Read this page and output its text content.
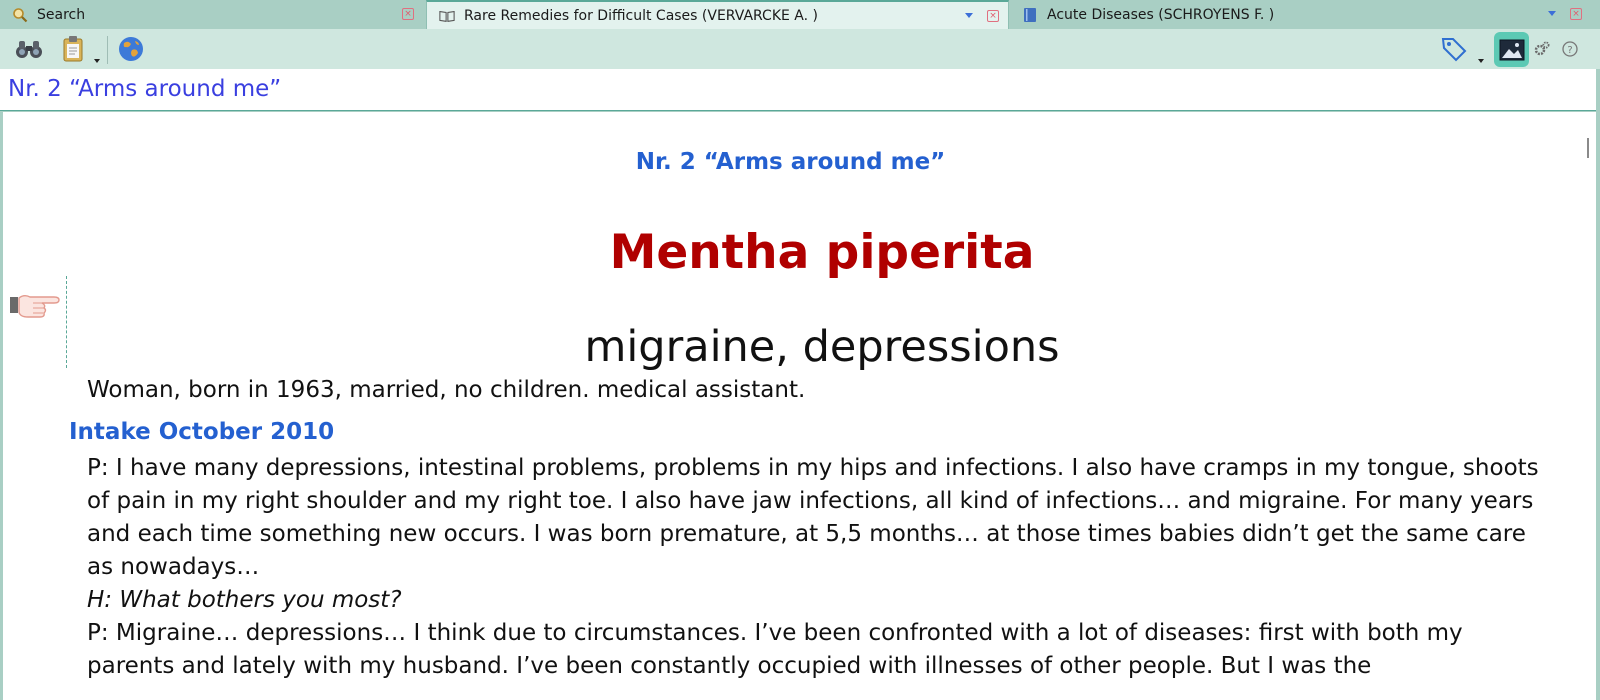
Search	×	Rare Remedies for Difficult Cases (VERVARCKE A. )	×	Acute Diseases (SCHROYENS F. )	×
?
Nr. 2 “Arms around me”
Nr. 2 “Arms around me”
Mentha piperita
migraine, depressions
Woman, born in 1963, married, no children. medical assistant.
Intake October 2010
P: I have many depressions, intestinal problems, problems in my hips and infections. I also have cramps in my tongue, shoots of pain in my right shoulder and my right toe. I also have jaw infections, all kind of infections… and migraine. For many years and each time something new occurs. I was born premature, at 5,5 months… at those times babies didn’t get the same care as nowadays…
H: What bothers you most?
P: Migraine… depressions… I think due to circumstances. I’ve been confronted with a lot of diseases: first with both my parents and lately with my husband. I’ve been constantly occupied with illnesses of other people. But I was the
